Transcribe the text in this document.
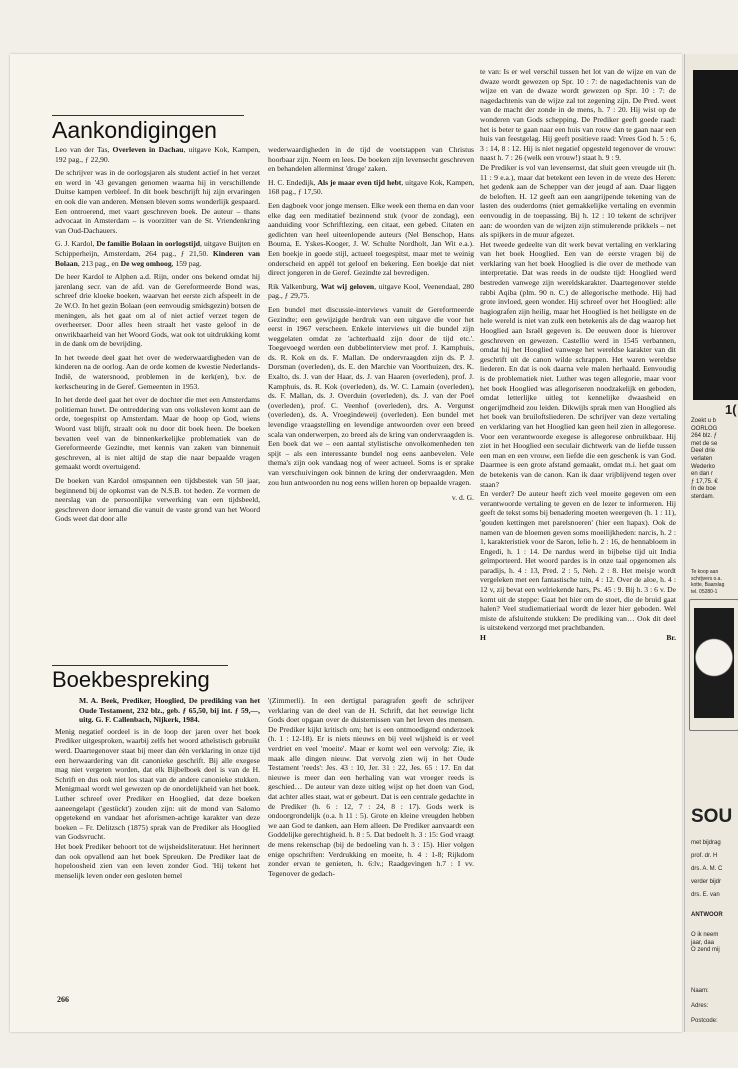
Aankondigingen

Leo van der Tas, Overleven in Dachau, uitgave Kok, Kampen, 192 pag., ƒ 22,90.

De schrijver was in de oorlogsjaren als student actief in het verzet en werd in '43 gevangen genomen waarna hij in verschillende Duitse kampen verbleef. In dit boek beschrijft hij zijn ervaringen en ook die van anderen. Mensen bleven soms wonderlijk gespaard. Een ontroerend, met vaart geschreven boek. De auteur – thans advocaat in Amsterdam – is voorzitter van de St. Vriendenkring van Oud-Dachauers.

G. J. Kardol, De familie Bolaan in oorlogstijd, uitgave Buijten en Schipperheijn, Amsterdam, 264 pag., ƒ 21,50. Kinderen van Bolaan, 213 pag., en De weg omhoog, 159 pag.

De heer Kardol te Alphen a.d. Rijn, onder ons bekend omdat hij jarenlang secr. van de afd. van de Gereformeerde Bond was, schreef drie kloeke boeken, waarvan het eerste zich afspeelt in de 2e W.O. In het gezin Bolaan (een eenvoudig smidsgezin) botsen de meningen, als het gaat om al of niet actief verzet tegen de overheerser. Door alles heen straalt het vaste geloof in de onwrikbaarheid van het Woord Gods, wat ook tot uitdrukking komt in de dank om de bevrijding.

In het tweede deel gaat het over de wederwaardigheden van de kinderen na de oorlog. Aan de orde komen de kwestie Nederlands-Indië, de watersnood, problemen in de kerk(en), b.v. de kerkscheuring in de Geref. Gemeenten in 1953.

In het derde deel gaat het over de dochter die met een Amsterdams politieman huwt. De ontreddering van ons volksleven komt aan de orde, toegespitst op Amsterdam. Maar de hoop op God, wiens Woord vast blijft, straalt ook nu door dit boek heen. De boeken bevatten veel van de binnenkerkelijke problematiek van de Gereformeerde Gezindte, met kennis van zaken van binnenuit geschreven, al is niet altijd de stap die naar bepaalde vragen gemaakt wordt overtuigend.

De boeken van Kardol omspannen een tijdsbestek van 50 jaar, beginnend bij de opkomst van de N.S.B. tot heden. Ze vormen de neerslag van de persoonlijke verwerking van een tijdsbeeld, geschreven door iemand die vanuit de vaste grond van het Woord Gods weet dat door alle

wederwaardigheden in de tijd de voetstappen van Christus hoorbaar zijn. Neem en lees. De boeken zijn levensecht geschreven en behandelen allerminst 'droge' zaken.

H. C. Endedijk, Als je maar even tijd hebt, uitgave Kok, Kampen, 168 pag., ƒ 17,50.

Een dagboek voor jonge mensen. Elke week een thema en dan voor elke dag een meditatief bezinnend stuk (voor de zondag), een aanduiding voor Schriftlezing, een citaat, een gebed. Citaten en gedichten van heel uiteenlopende auteurs (Nel Benschop, Hans Bouma, E. Yskes-Kooger, J. W. Schulte Nordholt, Jan Wit e.a.). Een boekje in goede stijl, actueel toegespitst, maar met te weinig onderscheid en appèl tot geloof en bekering. Een boekje dat niet direct jongeren in de Geref. Gezindte zal bevredigen.

Rik Valkenburg, Wat wij geloven, uitgave Kool, Veenendaal, 280 pag., ƒ 29,75.

Een bundel met discussie-interviews vanuit de Gereformeerde Gezindte; een gewijzigde herdruk van een uitgave die voor het eerst in 1967 verscheen. Enkele interviews uit die bundel zijn weggelaten omdat ze 'achterhaald zijn door de tijd etc.'. Toegevoegd werden een dubbelinterview met prof. J. Kamphuis, ds. R. Kok en ds. F. Mallan. De ondervraagden zijn ds. P. J. Dorsman (overleden), ds. E. den Marchie van Voorthuizen, drs. K. Exalto, ds. J. van der Haar, ds. J. van Haaren (overleden), prof. J. Kamphuis, ds. R. Kok (overleden), ds. W. C. Lamain (overleden), ds. F. Mallan, ds. J. Overduin (overleden), ds. J. van der Poel (overleden), prof. C. Veenhof (overleden), drs. A. Vergunst (overleden), ds. A. Vroegindeweij (overleden). Een bundel met levendige vraagstelling en levendige antwoorden over een breed scala van onderwerpen, zo breed als de kring van ondervraagden is. Een boek dat we – een aantal stylistische onvolkomenheden ten spijt – als een interessante bundel nog eens aanbevelen. Vele thema's zijn ook vandaag nog of weer actueel. Soms is er sprake van verschuivingen ook binnen de kring der ondervraagden. Men zou hun antwoorden nu nog eens willen horen op bepaalde vragen.

v. d. G.
Boekbespreking

M. A. Beek, Prediker, Hooglied, De prediking van het Oude Testament, 232 blz., geb. ƒ 65,50, bij int. ƒ 59,—, uitg. G. F. Callenbach, Nijkerk, 1984.

Menig negatief oordeel is in de loop der jaren over het boek Prediker uitgesproken, waarbij zelfs het woord atheïstisch gebruikt werd. Daartegenover staat bij meer dan één verklaring in onze tijd een herwaardering van dit canonieke geschrift. Bij alle exegese mag niet vergeten worden, dat elk Bijbelboek deel is van de H. Schrift en dus ook niet los staat van de andere canonieke stukken. Menigmaal wordt wel gewezen op de onordelijkheid van het boek. Luther schreef over Prediker en Hooglied, dat deze boeken aaneengelapt ('gestückt') zouden zijn: uit de mond van Salomo opgetekend en vandaar het aforismen-achtige karakter van deze boeken – Fr. Delitzsch (1875) sprak van de Prediker als Hooglied van Godsvrucht.
Het boek Prediker behoort tot de wijsheidsliteratuur. Het herinnert dan ook opvallend aan het boek Spreuken. De Prediker laat de hopeloosheid zien van een leven zonder God. 'Hij tekent het menselijk leven onder een gesloten hemel
'(Zimmerli). In een dertigtal paragrafen geeft de schrijver verklaring van de deel van de H. Schrift, dat het eeuwige licht Gods doet opgaan over de duisternissen van het leven des mensen. De Prediker kijkt kritisch om; het is een ontmoedigend onderzoek (h. 1 : 12-18). Er is niets nieuws en bij veel wijsheid is er veel verdriet en veel 'moeite'. Maar er komt wel een vervolg: Zie, ik maak alle dingen nieuw. Dat vervolg zien wij in het Oude Testament 'reeds': Jes. 43 : 10, Jer. 31 : 22, Jes. 65 : 17. En dat nieuwe is meer dan een herhaling van wat vroeger reeds is geschied… De auteur van deze uitleg wijst op het doen van God, dat achter alles staat, wat er gebeurt. Dat is een centrale gedachte in de Prediker (h. 6 : 12, 7 : 24, 8 : 17). Gods werk is ondoorgrondelijk (o.a. h 11 : 5). Grote en kleine vreugden hebben we aan God te danken, aan Hem alleen. De Prediker aanvaardt een Goddelijke gerechtigheid. h. 8 : 5. Dat bedoelt h. 3 : 15: God vraagt de mens rekenschap (bij de bedoeling van h. 3 : 15). Hier volgen enige opschriften: Verdrukking en moeite, h. 4 : 1-8; Rijkdom zonder ervan te genieten, h. 6:lv.; Raadgevingen h.7 : I vv. Tegenover de gedach-
te van: Is er wel verschil tussen het lot van de wijze en van de dwaze wordt gewezen op Spr. 10 : 7: de nagedachtenis van de wijze en van de dwaze wordt gewezen op Spr. 10 : 7: de nagedachtenis van de wijze zal tot zegening zijn. De Pred. weet van de macht der zonde in de mens, h. 7 : 20. Hij wist op de wonderen van Gods schepping. De Prediker geeft goede raad: het is beter te gaan naar een huis van rouw dan te gaan naar een huis van feestgelag. Hij geeft positieve raad: Vrees God h. 5 : 6, 3 : 14, 8 : 12. Hij is niet negatief opgesteld tegenover de vrouw: naast h. 7 : 26 (welk een vrouw!) staat h. 9 : 9.
De Prediker is vol van levensernst, dat sluit geen vreugde uit (h. 11 : 9 e.a.), maar dat betekent een leven in de vreze des Heren: het gedenk aan de Schepper van der jeugd af aan. Daar liggen de beloften. H. 12 geeft aan een aangrijpende tekening van de lasten des ouderdoms (niet gemakkelijke vertaling en evenmin eenvoudig in de toepassing. Bij h. 12 : 10 tekent de schrijver aan: de woorden van de wijzen zijn stimulerende prikkels – net als spijkers in de muur afgezet.
Het tweede gedeelte van dit werk bevat vertaling en verklaring van het boek Hooglied. Een van de eerste vragen bij de verklaring van het boek Hooglied is die over de methode van interpretatie. Dat was reeds in de oudste tijd: Hooglied werd bestreden vanwege zijn wereldskarakter. Daartegenover stelde rabbi Aqiba (plm. 90 n. C.) de allegorische methode. Hij had grote invloed, geen wonder. Hij schreef over het Hooglied: alle hagiografen zijn heilig, maar het Hooglied is het heiligste en de hele wereld is niet van zulk een betekenis als de dag waarop het Hooglied aan Israël gegeven is. De eeuwen door is hierover geschreven en gewezen. Castellio werd in 1545 verbannen, omdat hij het Hooglied vanwege het wereldse karakter van dit geschrift uit de canon wilde schrappen. Het waren wereldse liederen. En dat is ook daarna vele malen herhaald. Eenvoudig is de problematiek niet. Luther was tegen allegorie, maar voor het boek Hooglied was allegoriseren noodzakelijk en geboden, omdat letterlijke uitleg tot kennelijke dwaasheid en ongerijmdheid zou leiden. Dikwijls sprak men van Hooglied als het boek van bruiloftsliederen. De schrijver van deze vertaling en verklaring van het Hooglied kan geen heil zien in allegorese. Voor een verantwoorde exegese is allegorese onbruikbaar. Hij ziet in het Hooglied een seculair dichtwerk van de liefde tussen een man en een vrouw, een liefde die een geschenk is van God. Daarmee is een grote afstand gemaakt, omdat m.i. het gaat om de betekenis van de canon. Kan ik daar vrijblijvend tegen over staan?
En verder? De auteur heeft zich veel moeite gegeven om een verantwoorde vertaling te geven en de lezer te informeren. Hij geeft de tekst soms bij benadering moeten weergeven (h. 1 : 11), 'gouden kettingen met parelsnoeren' (hier een hapax). Ook de namen van de bloemen geven soms moeilijkheden: narcis, h. 2 : 1, karakteristiek voor de Saron, lelie h. 2 : 16, de hennabloem in Engedi, h. 1 : 14. De nardus werd in bijbelse tijd uit India geïmporteerd. Het woord pardes is in onze taal opgenomen als paradijs, h. 4 : 13, Pred. 2 : 5, Neh. 2 : 8. Het meisje wordt vergeleken met een fantastische tuin, 4 : 12. Over de aloe, h. 4 : 12 v, zij bevat een welriekende hars, Ps. 45 : 9. Bij h. 3 : 6 v. De komt uit de steppe: Gaat het hier om de stoet, die de bruid gaat halen? Veel studiematieriaal wordt de lezer hier geboden. Wel miste de afsluitende stukken: De prediking van… Ook dit deel is uitstekend verzorgd met prachtbanden.
H	Br.
266
1(
Zoekt u b
OORLOG
264 blz. ƒ
met de se
Deel drie
verlaten
Wederko
en dan r
ƒ 17,75. €
In de boe
sterdam.
Te koop aan
schrijvers o.a.
kotte, Baarslag
tel. 05280-1
SOU
met bijdrag
prof. dr. H
drs. A. M. C
verder bijdr
drs. E. van
ANTWOOR
O ik neem
jaar, daa
O zend mij
Naam:
Adres:
Postcode:
